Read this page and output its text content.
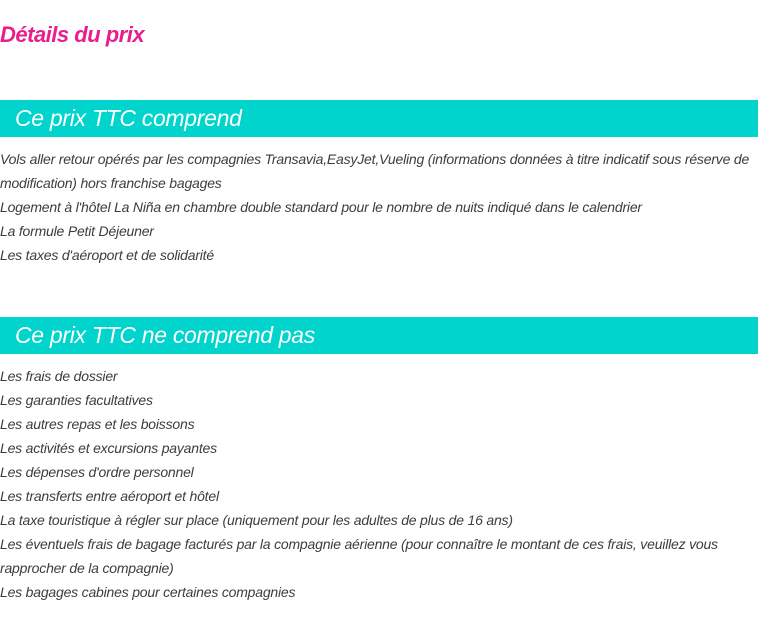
Détails du prix
Ce prix TTC comprend
Vols aller retour opérés par les compagnies Transavia,EasyJet,Vueling (informations données à titre indicatif sous réserve de modification) hors franchise bagages
Logement à l'hôtel La Niña en chambre double standard pour le nombre de nuits indiqué dans le calendrier
La formule Petit Déjeuner
Les taxes d'aéroport et de solidarité
Ce prix TTC ne comprend pas
Les frais de dossier
Les garanties facultatives
Les autres repas et les boissons
Les activités et excursions payantes
Les dépenses d'ordre personnel
Les transferts entre aéroport et hôtel
La taxe touristique à régler sur place (uniquement pour les adultes de plus de 16 ans)
Les éventuels frais de bagage facturés par la compagnie aérienne (pour connaître le montant de ces frais, veuillez vous rapprocher de la compagnie)
Les bagages cabines pour certaines compagnies
